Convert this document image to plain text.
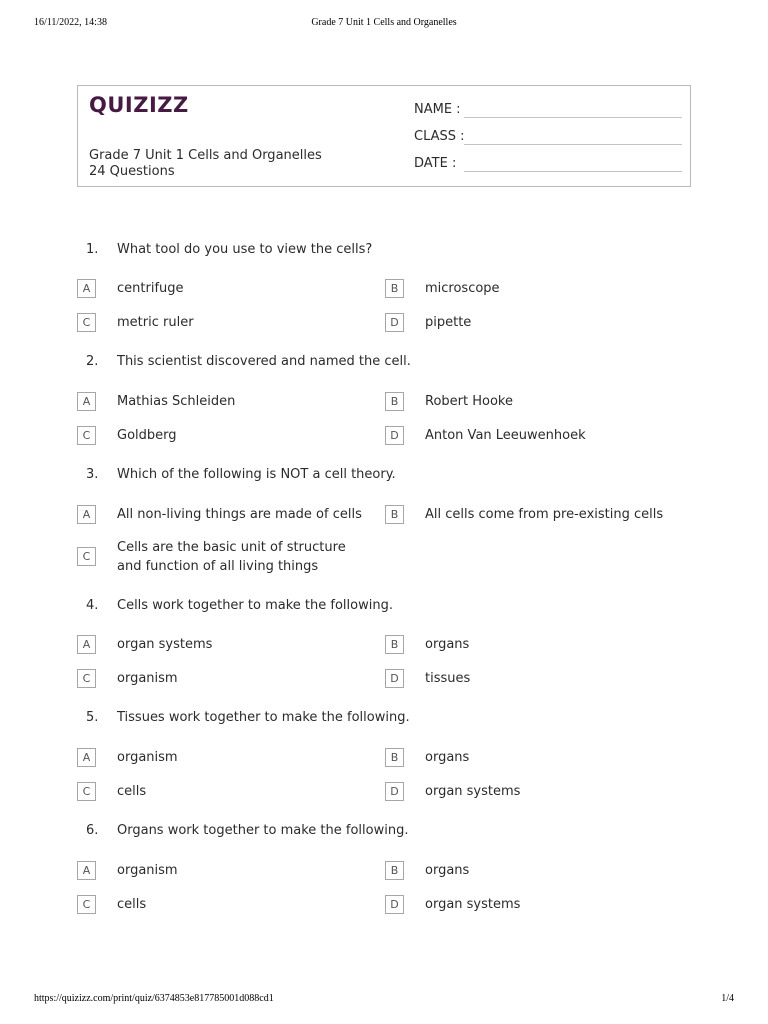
16/11/2022, 14:38	Grade 7 Unit 1 Cells and Organelles
QUIZIZZ
Grade 7 Unit 1 Cells and Organelles
24 Questions
NAME :
CLASS :
DATE :
1. What tool do you use to view the cells?
A	centrifuge	B	microscope
C	metric ruler	D	pipette
2. This scientist discovered and named the cell.
A	Mathias Schleiden	B	Robert Hooke
C	Goldberg	D	Anton Van Leeuwenhoek
3. Which of the following is NOT a cell theory.
A	All non-living things are made of cells	B	All cells come from pre-existing cells
C
Cells are the basic unit of structure and function of all living things
4. Cells work together to make the following.
A	organ systems	B	organs
C	organism	D	tissues
5. Tissues work together to make the following.
A	organism	B	organs
C	cells	D	organ systems
6. Organs work together to make the following.
A	organism	B	organs
C	cells	D	organ systems
https://quizizz.com/print/quiz/6374853e817785001d088cd1	1/4
